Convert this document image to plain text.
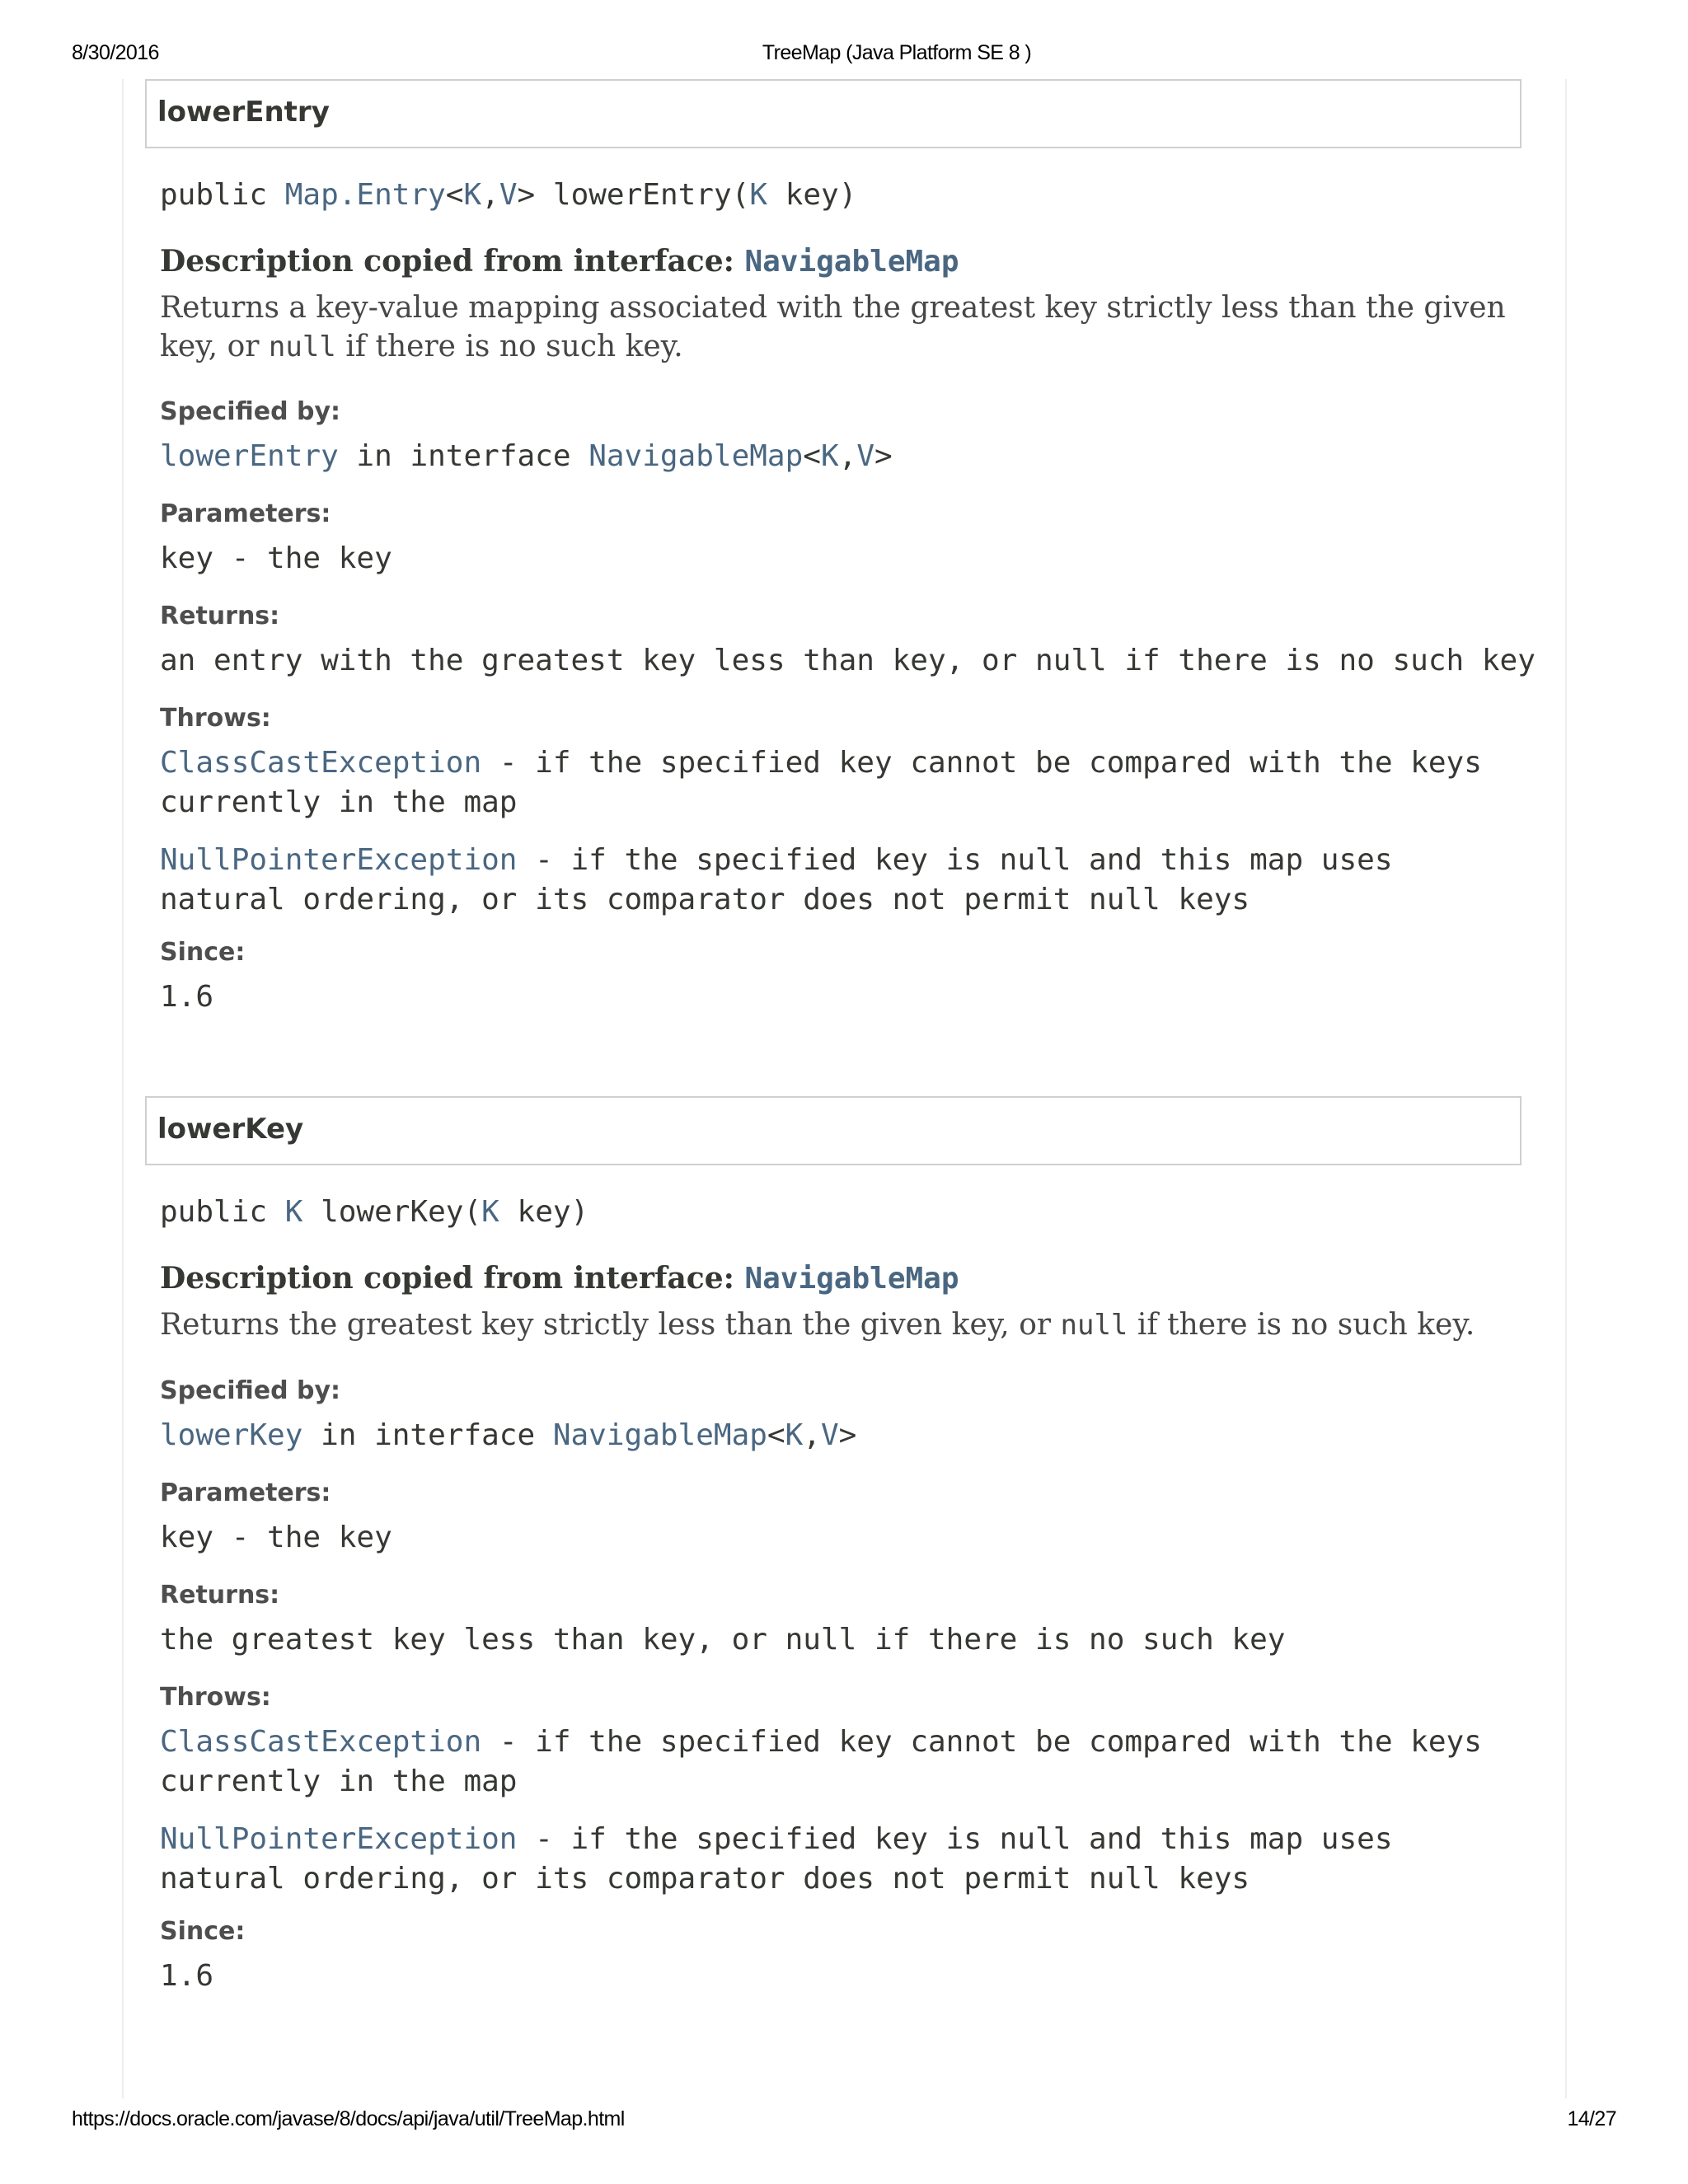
8/30/2016	TreeMap (Java Platform SE 8 )
lowerEntry
public Map.Entry<K,V> lowerEntry(K key)
Description copied from interface: NavigableMap
Returns a key-value mapping associated with the greatest key strictly less than the given key, or null if there is no such key.
Specified by:
lowerEntry in interface NavigableMap<K,V>
Parameters:
key - the key
Returns:
an entry with the greatest key less than key, or null if there is no such key
Throws:
ClassCastException - if the specified key cannot be compared with the keys currently in the map
NullPointerException - if the specified key is null and this map uses natural ordering, or its comparator does not permit null keys
Since:
1.6
lowerKey
public K lowerKey(K key)
Description copied from interface: NavigableMap
Returns the greatest key strictly less than the given key, or null if there is no such key.
Specified by:
lowerKey in interface NavigableMap<K,V>
Parameters:
key - the key
Returns:
the greatest key less than key, or null if there is no such key
Throws:
ClassCastException - if the specified key cannot be compared with the keys currently in the map
NullPointerException - if the specified key is null and this map uses natural ordering, or its comparator does not permit null keys
Since:
1.6
https://docs.oracle.com/javase/8/docs/api/java/util/TreeMap.html	14/27
